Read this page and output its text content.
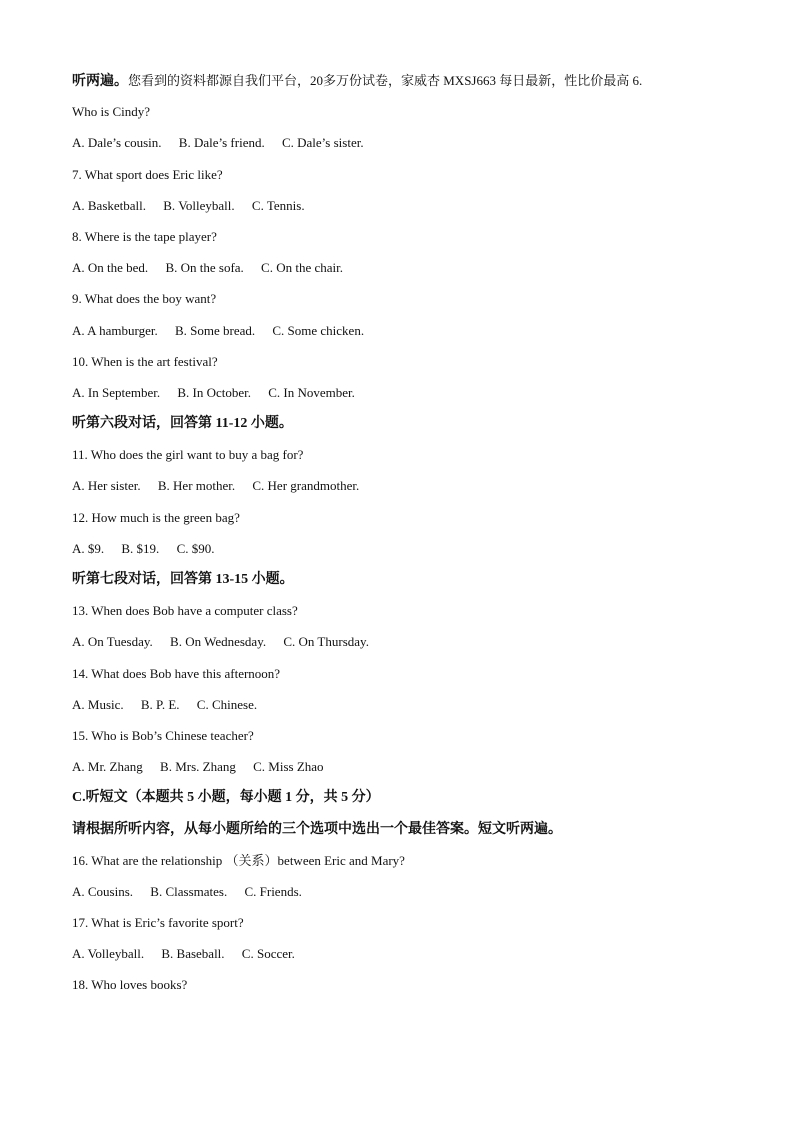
听两遍。您看到的资料都源自我们平台，20多万份试卷，家威杏 MXSJ663 每日最新，性比价最高 6.
Who is Cindy?
A. Dale’s cousin. B. Dale’s friend. C. Dale’s sister.
7. What sport does Eric like?
A. Basketball. B. Volleyball. C. Tennis.
8. Where is the tape player?
A. On the bed. B. On the sofa. C. On the chair.
9. What does the boy want?
A. A hamburger. B. Some bread. C. Some chicken.
10. When is the art festival?
A. In September. B. In October. C. In November.
听第六段对话，回答第 11-12 小题。
11. Who does the girl want to buy a bag for?
A. Her sister. B. Her mother. C. Her grandmother.
12. How much is the green bag?
A. $9. B. $19. C. $90.
听第七段对话，回答第 13-15 小题。
13. When does Bob have a computer class?
A. On Tuesday. B. On Wednesday. C. On Thursday.
14. What does Bob have this afternoon?
A. Music. B. P. E. C. Chinese.
15. Who is Bob’s Chinese teacher?
A. Mr. Zhang B. Mrs. Zhang C. Miss Zhao
C.听短文（本题共 5 小题，每小题 1 分，共 5 分）
请根据所听内容，从每小题所给的三个选项中选出一个最佳答案。短文听两遍。
16. What are the relationship （关系）between Eric and Mary?
A. Cousins. B. Classmates. C. Friends.
17. What is Eric’s favorite sport?
A. Volleyball. B. Baseball. C. Soccer.
18. Who loves books?
